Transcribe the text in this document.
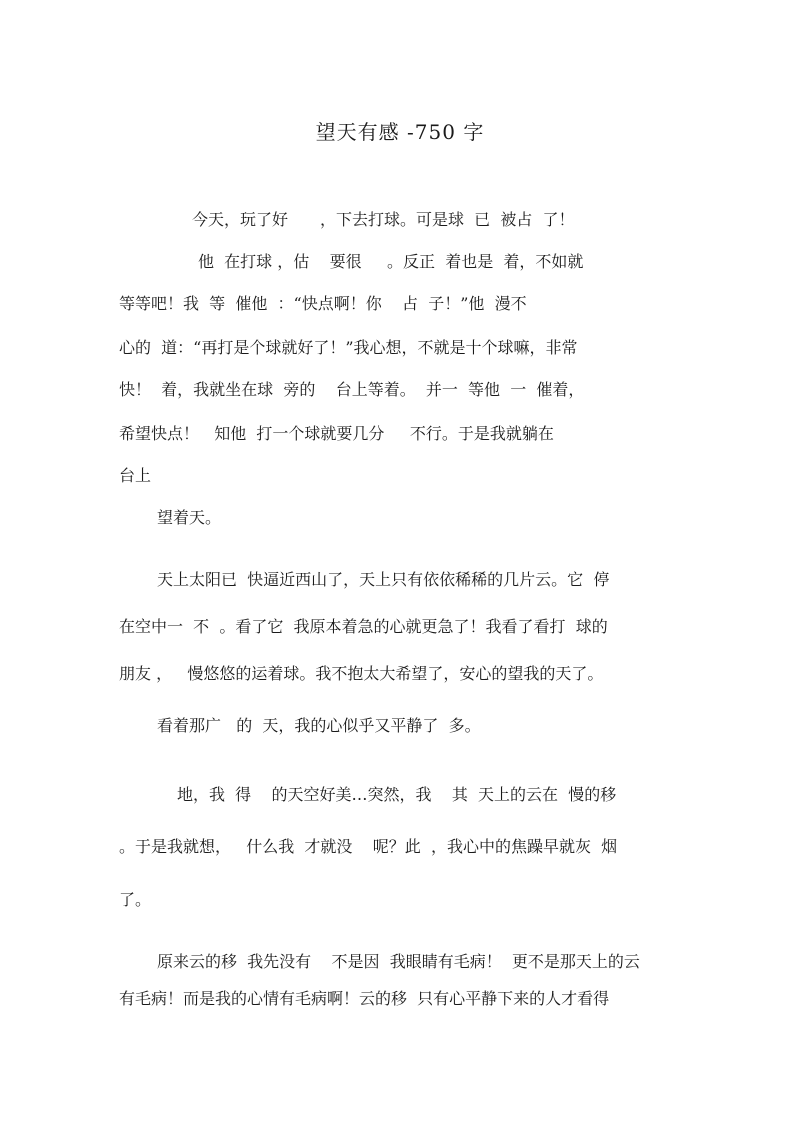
望天有感 -750 字
今天，玩了好　　，下去打球。可是球  已  被占  了！
他  在打球 ，估    要很     。反正  着也是  着，不如就
等等吧！我  等  催他  ：“快点啊！你    占  子！”他  漫不
心的  道：“再打是个球就好了！”我心想，不就是十个球嘛，非常
快！  着，我就坐在球  旁的    台上等着。  并一  等他  一  催着，
希望快点！   知他  打一个球就要几分     不行。于是我就躺在
台上
望着天。
天上太阳已  快逼近西山了，天上只有依依稀稀的几片云。它  停
在空中一  不  。看了它  我原本着急的心就更急了！我看了看打  球的
朋友 ，   慢悠悠的运着球。我不抱太大希望了，安心的望我的天了。
看着那广   的  天，我的心似乎又平静了  多。
地，我  得    的天空好美…突然，我    其  天上的云在  慢的移
。于是我就想，   什么我  才就没    呢？此  ，我心中的焦躁早就灰  烟
了。
原来云的移  我先没有    不是因  我眼睛有毛病！  更不是那天上的云
有毛病！而是我的心情有毛病啊！云的移  只有心平静下来的人才看得
